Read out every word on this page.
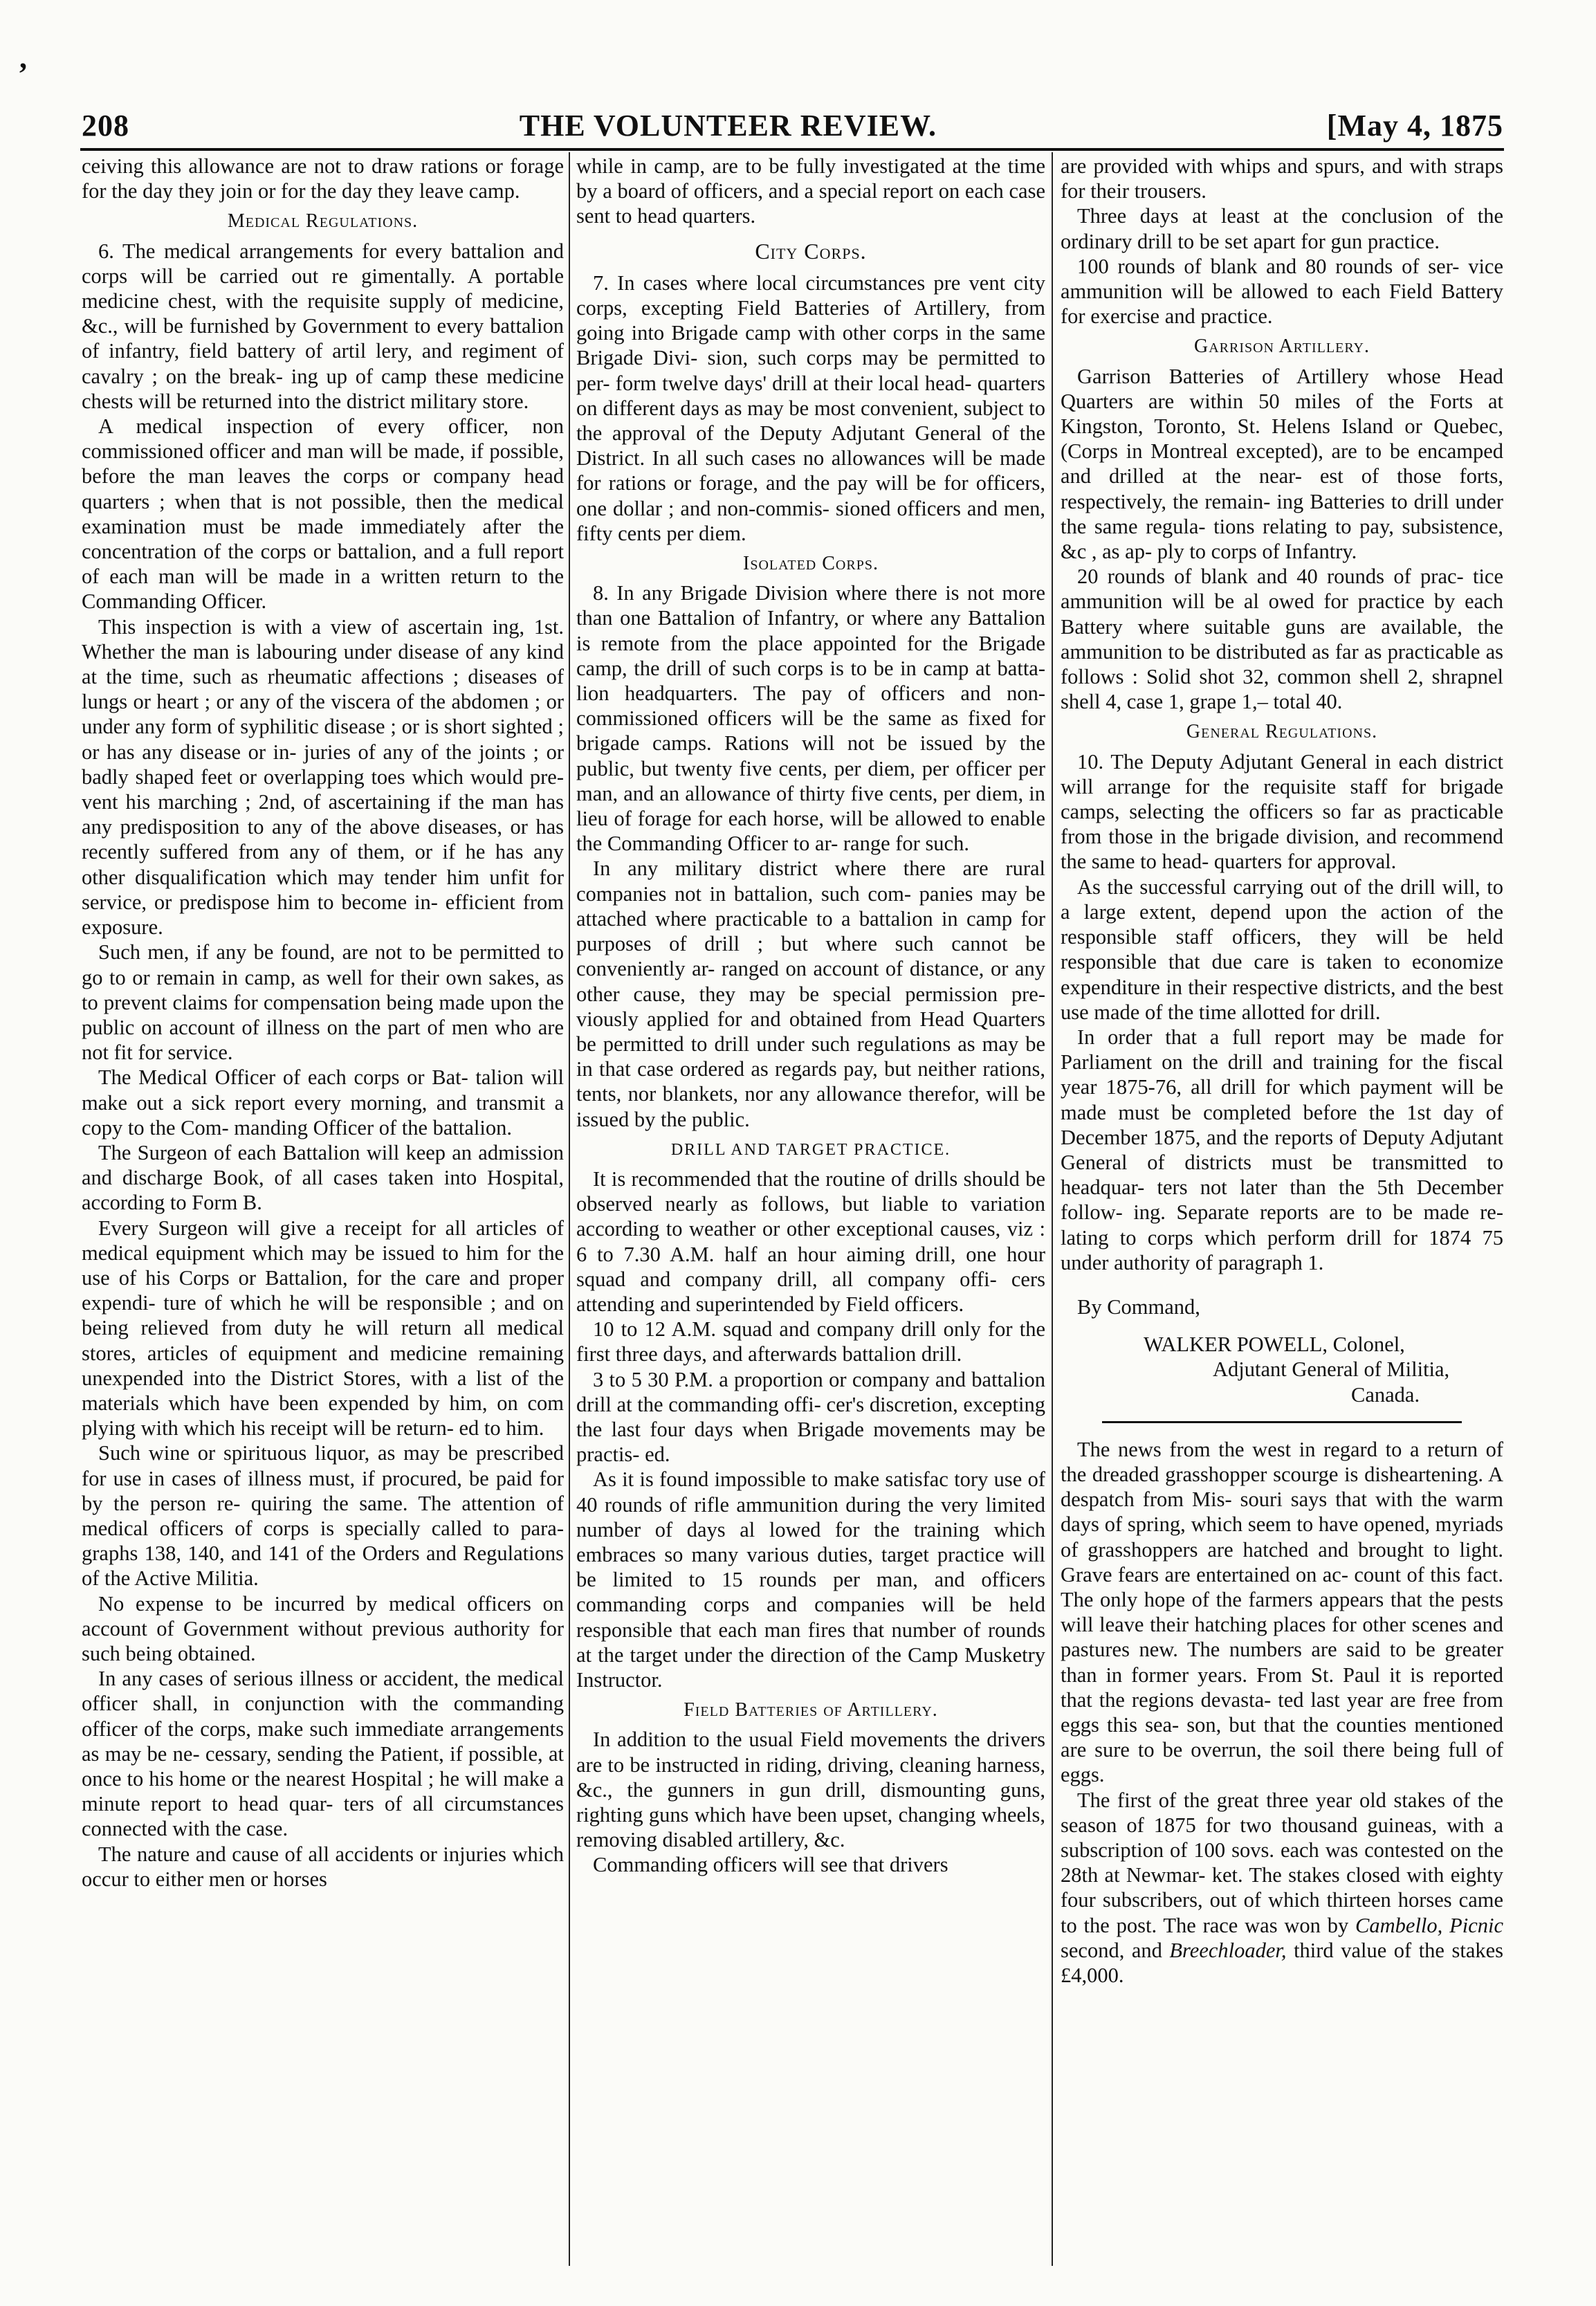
,
208	THE VOLUNTEER REVIEW.	[May 4, 1875

ceiving this allowance are not to draw rations or forage for the day they join or for the day they leave camp.

Medical Regulations.

6. The medical arrangements for every battalion and corps will be carried out re gimentally. A portable medicine chest, with the requisite supply of medicine, &c., will be furnished by Government to every battalion of infantry, field battery of artil lery, and regiment of cavalry ; on the break- ing up of camp these medicine chests will be returned into the district military store.

A medical inspection of every officer, non commissioned officer and man will be made, if possible, before the man leaves the corps or company head quarters ; when that is not possible, then the medical examination must be made immediately after the concentration of the corps or battalion, and a full report of each man will be made in a written return to the Commanding Officer.

This inspection is with a view of ascertain ing, 1st. Whether the man is labouring under disease of any kind at the time, such as rheumatic affections ; diseases of lungs or heart ; or any of the viscera of the abdomen ; or under any form of syphilitic disease ; or is short sighted ; or has any disease or in- juries of any of the joints ; or badly shaped feet or overlapping toes which would pre- vent his marching ; 2nd, of ascertaining if the man has any predisposition to any of the above diseases, or has recently suffered from any of them, or if he has any other disqualification which may tender him unfit for service, or predispose him to become in- efficient from exposure.

Such men, if any be found, are not to be permitted to go to or remain in camp, as well for their own sakes, as to prevent claims for compensation being made upon the public on account of illness on the part of men who are not fit for service.

The Medical Officer of each corps or Bat- talion will make out a sick report every morning, and transmit a copy to the Com- manding Officer of the battalion.

The Surgeon of each Battalion will keep an admission and discharge Book, of all cases taken into Hospital, according to Form B.

Every Surgeon will give a receipt for all articles of medical equipment which may be issued to him for the use of his Corps or Battalion, for the care and proper expendi- ture of which he will be responsible ; and on being relieved from duty he will return all medical stores, articles of equipment and medicine remaining unexpended into the District Stores, with a list of the materials which have been expended by him, on com plying with which his receipt will be return- ed to him.

Such wine or spirituous liquor, as may be prescribed for use in cases of illness must, if procured, be paid for by the person re- quiring the same. The attention of medical officers of corps is specially called to para- graphs 138, 140, and 141 of the Orders and Regulations of the Active Militia.

No expense to be incurred by medical officers on account of Government without previous authority for such being obtained.

In any cases of serious illness or accident, the medical officer shall, in conjunction with the commanding officer of the corps, make such immediate arrangements as may be ne- cessary, sending the Patient, if possible, at once to his home or the nearest Hospital ; he will make a minute report to head quar- ters of all circumstances connected with the case.

The nature and cause of all accidents or injuries which occur to either men or horses

while in camp, are to be fully investigated at the time by a board of officers, and a special report on each case sent to head quarters.

City Corps.

7. In cases where local circumstances pre vent city corps, excepting Field Batteries of Artillery, from going into Brigade camp with other corps in the same Brigade Divi- sion, such corps may be permitted to per- form twelve days' drill at their local head- quarters on different days as may be most convenient, subject to the approval of the Deputy Adjutant General of the District. In all such cases no allowances will be made for rations or forage, and the pay will be for officers, one dollar ; and non-commis- sioned officers and men, fifty cents per diem.

Isolated Corps.

8. In any Brigade Division where there is not more than one Battalion of Infantry, or where any Battalion is remote from the place appointed for the Brigade camp, the drill of such corps is to be in camp at batta- lion headquarters. The pay of officers and non-commissioned officers will be the same as fixed for brigade camps. Rations will not be issued by the public, but twenty five cents, per diem, per officer per man, and an allowance of thirty five cents, per diem, in lieu of forage for each horse, will be allowed to enable the Commanding Officer to ar- range for such.

In any military district where there are rural companies not in battalion, such com- panies may be attached where practicable to a battalion in camp for purposes of drill ; but where such cannot be conveniently ar- ranged on account of distance, or any other cause, they may be special permission pre- viously applied for and obtained from Head Quarters be permitted to drill under such regulations as may be in that case ordered as regards pay, but neither rations, tents, nor blankets, nor any allowance therefor, will be issued by the public.

DRILL AND TARGET PRACTICE.

It is recommended that the routine of drills should be observed nearly as follows, but liable to variation according to weather or other exceptional causes, viz : 6 to 7.30 A.M. half an hour aiming drill, one hour squad and company drill, all company offi- cers attending and superintended by Field officers.

10 to 12 A.M. squad and company drill only for the first three days, and afterwards battalion drill.

3 to 5 30 P.M. a proportion or company and battalion drill at the commanding offi- cer's discretion, excepting the last four days when Brigade movements may be practis- ed.

As it is found impossible to make satisfac tory use of 40 rounds of rifle ammunition during the very limited number of days al lowed for the training which embraces so many various duties, target practice will be limited to 15 rounds per man, and officers commanding corps and companies will be held responsible that each man fires that number of rounds at the target under the direction of the Camp Musketry Instructor.

Field Batteries of Artillery.

In addition to the usual Field movements the drivers are to be instructed in riding, driving, cleaning harness, &c., the gunners in gun drill, dismounting guns, righting guns which have been upset, changing wheels, removing disabled artillery, &c.

Commanding officers will see that drivers

are provided with whips and spurs, and with straps for their trousers.

Three days at least at the conclusion of the ordinary drill to be set apart for gun practice.

100 rounds of blank and 80 rounds of ser- vice ammunition will be allowed to each Field Battery for exercise and practice.

Garrison Artillery.

Garrison Batteries of Artillery whose Head Quarters are within 50 miles of the Forts at Kingston, Toronto, St. Helens Island or Quebec, (Corps in Montreal excepted), are to be encamped and drilled at the near- est of those forts, respectively, the remain- ing Batteries to drill under the same regula- tions relating to pay, subsistence, &c , as ap- ply to corps of Infantry.

20 rounds of blank and 40 rounds of prac- tice ammunition will be al owed for practice by each Battery where suitable guns are available, the ammunition to be distributed as far as practicable as follows : Solid shot 32, common shell 2, shrapnel shell 4, case 1, grape 1,– total 40.

General Regulations.

10. The Deputy Adjutant General in each district will arrange for the requisite staff for brigade camps, selecting the officers so far as practicable from those in the brigade division, and recommend the same to head- quarters for approval.

As the successful carrying out of the drill will, to a large extent, depend upon the action of the responsible staff officers, they will be held responsible that due care is taken to economize expenditure in their respective districts, and the best use made of the time allotted for drill.

In order that a full report may be made for Parliament on the drill and training for the fiscal year 1875-76, all drill for which payment will be made must be completed before the 1st day of December 1875, and the reports of Deputy Adjutant General of districts must be transmitted to headquar- ters not later than the 5th December follow- ing. Separate reports are to be made re- lating to corps which perform drill for 1874 75 under authority of paragraph 1.

By Command,

WALKER POWELL, Colonel,

Adjutant General of Militia,

Canada.

The news from the west in regard to a return of the dreaded grasshopper scourge is disheartening. A despatch from Mis- souri says that with the warm days of spring, which seem to have opened, myriads of grasshoppers are hatched and brought to light. Grave fears are entertained on ac- count of this fact. The only hope of the farmers appears that the pests will leave their hatching places for other scenes and pastures new. The numbers are said to be greater than in former years. From St. Paul it is reported that the regions devasta- ted last year are free from eggs this sea- son, but that the counties mentioned are sure to be overrun, the soil there being full of eggs.

The first of the great three year old stakes of the season of 1875 for two thousand guineas, with a subscription of 100 sovs. each was contested on the 28th at Newmar- ket. The stakes closed with eighty four subscribers, out of which thirteen horses came to the post. The race was won by Cambello, Picnic second, and Breechloader, third value of the stakes £4,000.
